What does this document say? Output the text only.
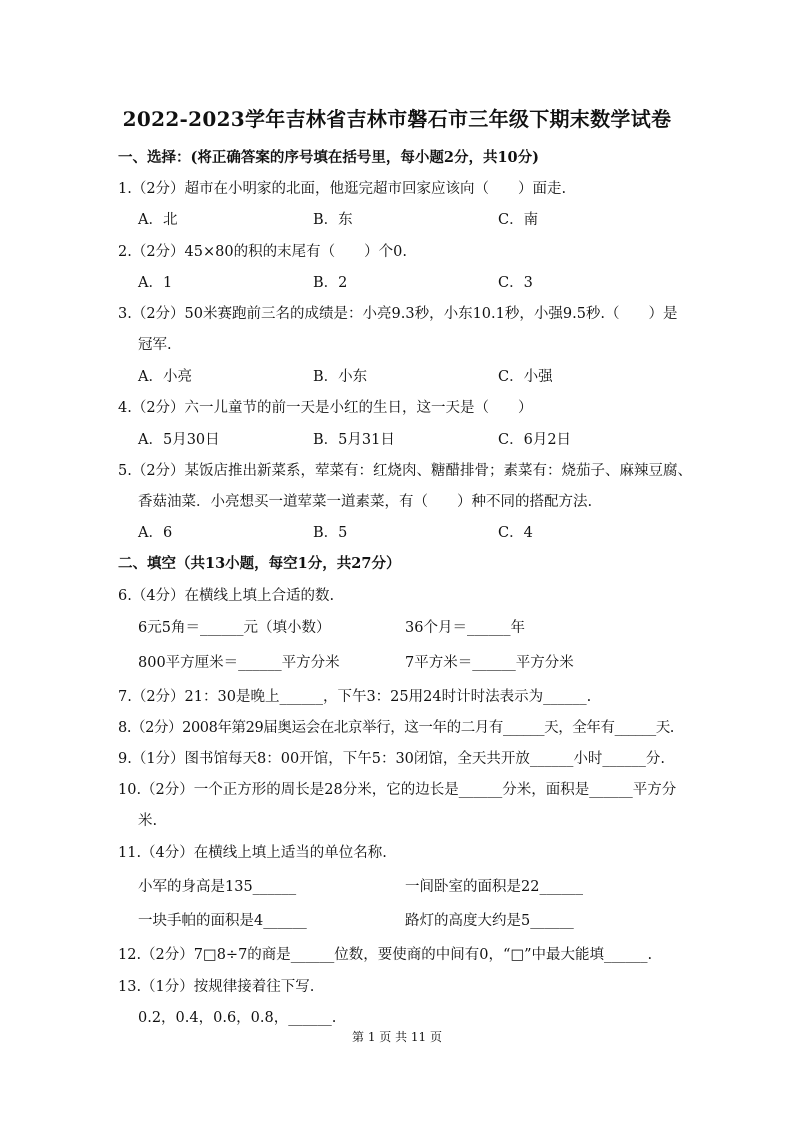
2022-2023学年吉林省吉林市磐石市三年级下期末数学试卷
一、选择：(将正确答案的序号填在括号里，每小题2分，共10分)
1.（2分）超市在小明家的北面，他逛完超市回家应该向（　　）面走.
A．北	B．东	C．南
2.（2分）45×80的积的末尾有（　　）个0.
A．1	B．2	C．3
3.（2分）50米赛跑前三名的成绩是：小亮9.3秒，小东10.1秒，小强9.5秒.（　　）是
冠军.
A．小亮	B．小东	C．小强
4.（2分）六一儿童节的前一天是小红的生日，这一天是（　　）
A．5月30日	B．5月31日	C．6月2日
5.（2分）某饭店推出新菜系，荤菜有：红烧肉、糖醋排骨；素菜有：烧茄子、麻辣豆腐、
香菇油菜．小亮想买一道荤菜一道素菜，有（　　）种不同的搭配方法.
A．6	B．5	C．4
二、填空（共13小题，每空1分，共27分）
6.（4分）在横线上填上合适的数.
6元5角＝______元（填小数）	36个月＝______年
800平方厘米＝______平方分米	7平方米＝______平方分米
7.（2分）21：30是晚上______，下午3：25用24时计时法表示为______.
8.（2分）2008年第29届奥运会在北京举行，这一年的二月有______天，全年有______天.
9.（1分）图书馆每天8：00开馆，下午5：30闭馆，全天共开放______小时______分.
10.（2分）一个正方形的周长是28分米，它的边长是______分米，面积是______平方分
米.
11.（4分）在横线上填上适当的单位名称.
小军的身高是135______	一间卧室的面积是22______
一块手帕的面积是4______	路灯的高度大约是5______
12.（2分）7□8÷7的商是______位数，要使商的中间有0，“□”中最大能填______.
13.（1分）按规律接着往下写.
0.2，0.4，0.6，0.8，______.
第 1 页 共 11 页
